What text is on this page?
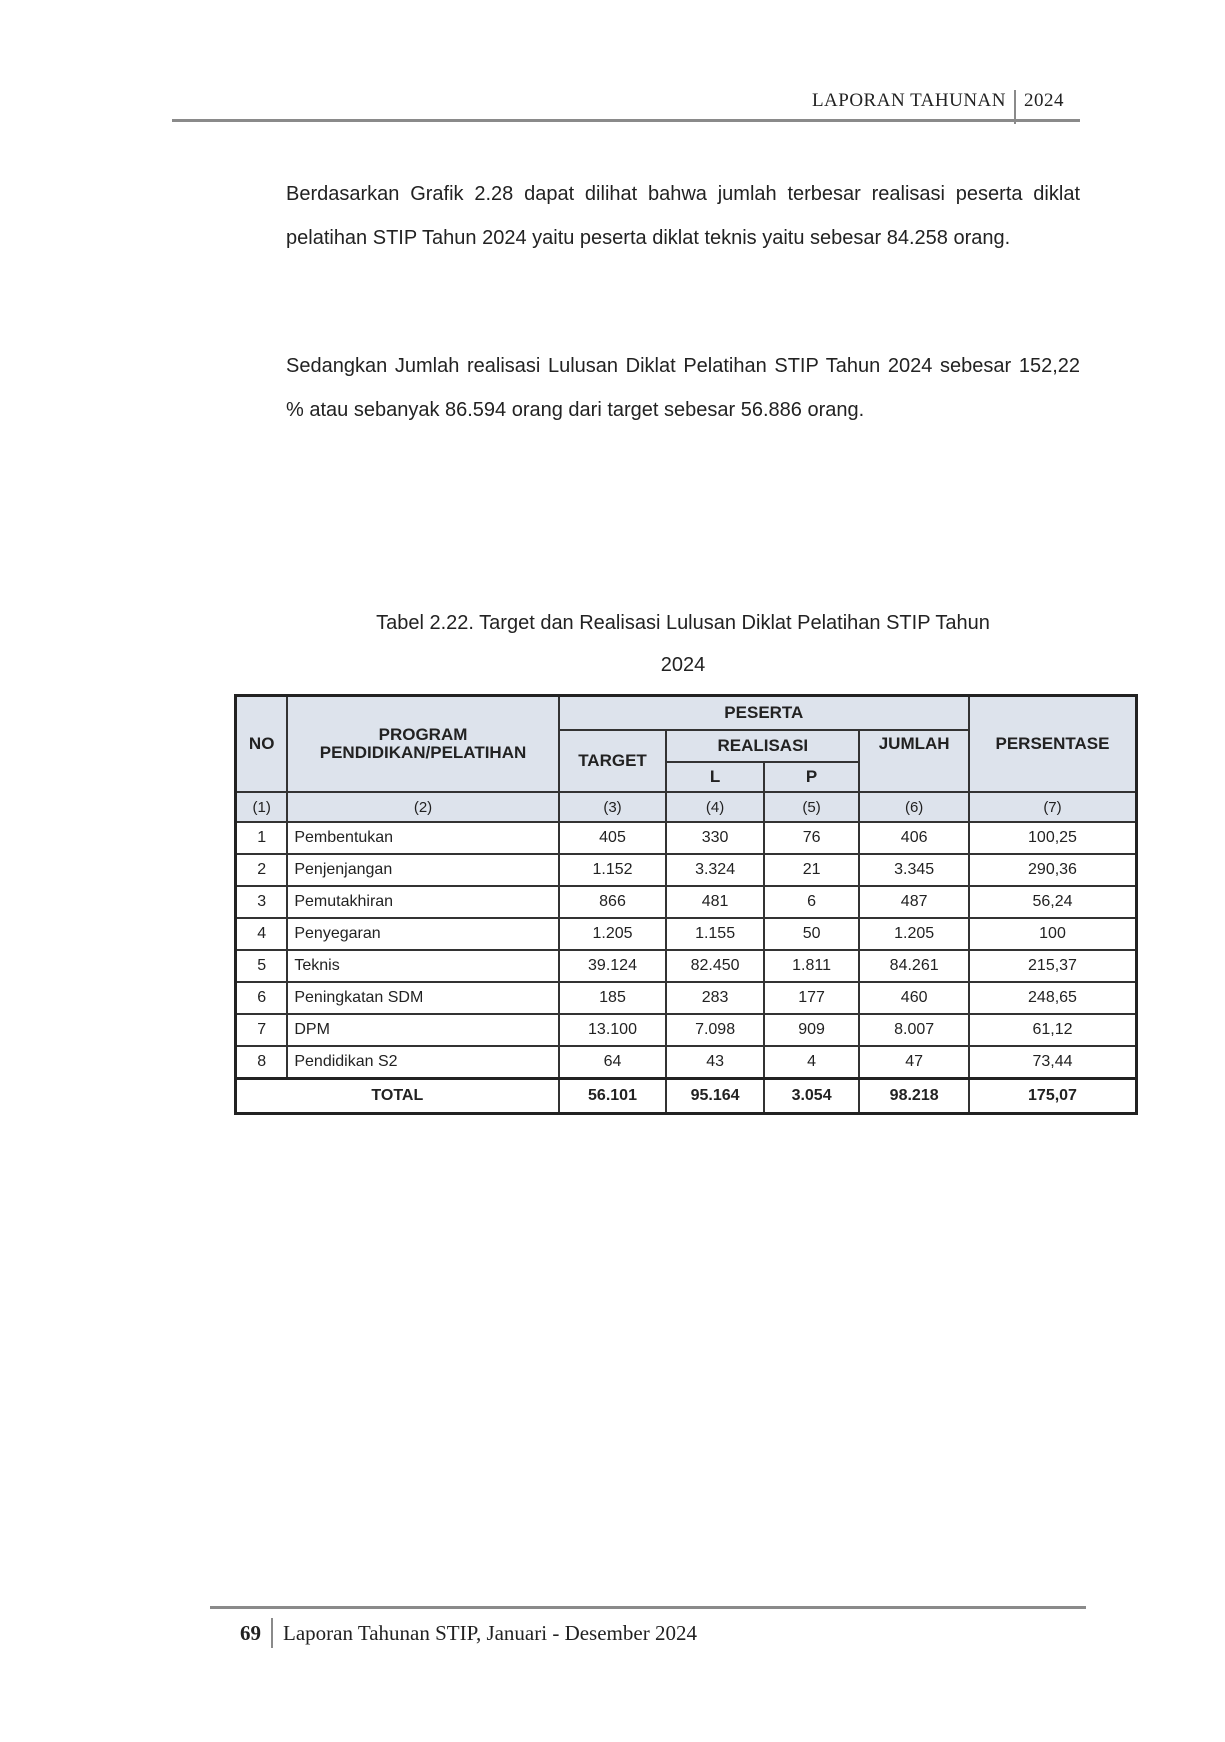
LAPORAN TAHUNAN 2024

Berdasarkan Grafik 2.28 dapat dilihat bahwa jumlah terbesar realisasi peserta diklat pelatihan STIP Tahun 2024 yaitu peserta diklat teknis yaitu sebesar 84.258 orang.

Sedangkan Jumlah realisasi Lulusan Diklat Pelatihan STIP Tahun 2024 sebesar 152,22 % atau sebanyak 86.594 orang dari target sebesar 56.886 orang.

Tabel 2.22. Target dan Realisasi Lulusan Diklat Pelatihan STIP Tahun
2024
NO	PROGRAM PENDIDIKAN/PELATIHAN	PESERTA				PERSENTASE
		TARGET	REALISASI		JUMLAH	
			L	P		
(1)	(2)	(3)	(4)	(5)	(6)	(7)
1	Pembentukan	405	330	76	406	100,25
2	Penjenjangan	1.152	3.324	21	3.345	290,36
3	Pemutakhiran	866	481	6	487	56,24
4	Penyegaran	1.205	1.155	50	1.205	100
5	Teknis	39.124	82.450	1.811	84.261	215,37
6	Peningkatan SDM	185	283	177	460	248,65
7	DPM	13.100	7.098	909	8.007	61,12
8	Pendidikan S2	64	43	4	47	73,44
TOTAL		56.101	95.164	3.054	98.218	175,07
69 Laporan Tahunan STIP, Januari - Desember 2024
